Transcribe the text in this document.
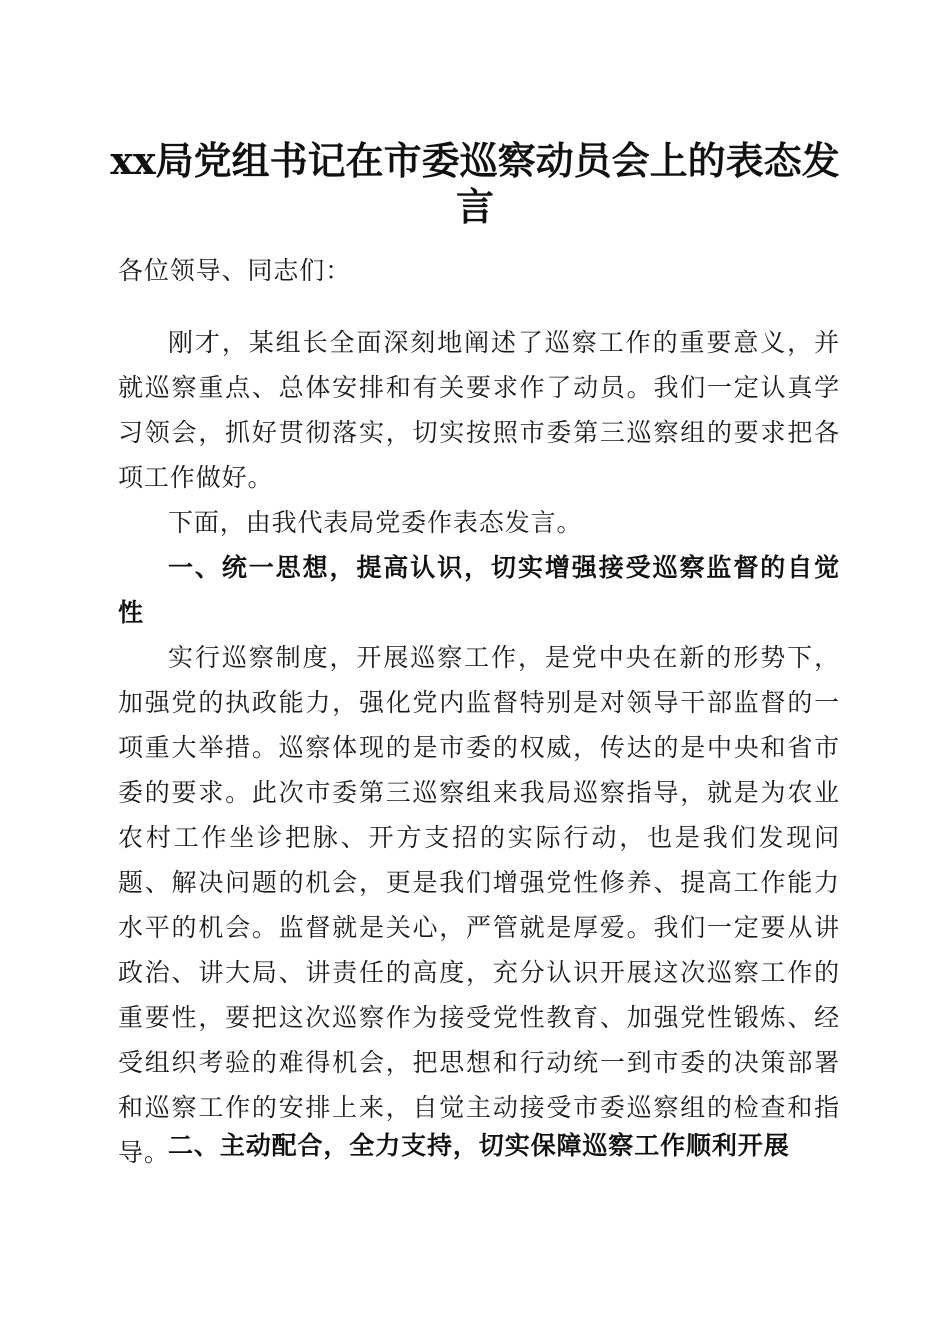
xx局党组书记在市委巡察动员会上的表态发言

各位领导、同志们：

刚才，某组长全面深刻地阐述了巡察工作的重要意义，并就巡察重点、总体安排和有关要求作了动员。我们一定认真学习领会，抓好贯彻落实，切实按照市委第三巡察组的要求把各项工作做好。

下面，由我代表局党委作表态发言。

一、统一思想，提高认识，切实增强接受巡察监督的自觉性

实行巡察制度，开展巡察工作，是党中央在新的形势下，加强党的执政能力，强化党内监督特别是对领导干部监督的一项重大举措。巡察体现的是市委的权威，传达的是中央和省市委的要求。此次市委第三巡察组来我局巡察指导，就是为农业农村工作坐诊把脉、开方支招的实际行动，也是我们发现问题、解决问题的机会，更是我们增强党性修养、提高工作能力水平的机会。监督就是关心，严管就是厚爱。我们一定要从讲政治、讲大局、讲责任的高度，充分认识开展这次巡察工作的重要性，要把这次巡察作为接受党性教育、加强党性锻炼、经受组织考验的难得机会，把思想和行动统一到市委的决策部署和巡察工作的安排上来，自觉主动接受市委巡察组的检查和指导。

二、主动配合，全力支持，切实保障巡察工作顺利开展
